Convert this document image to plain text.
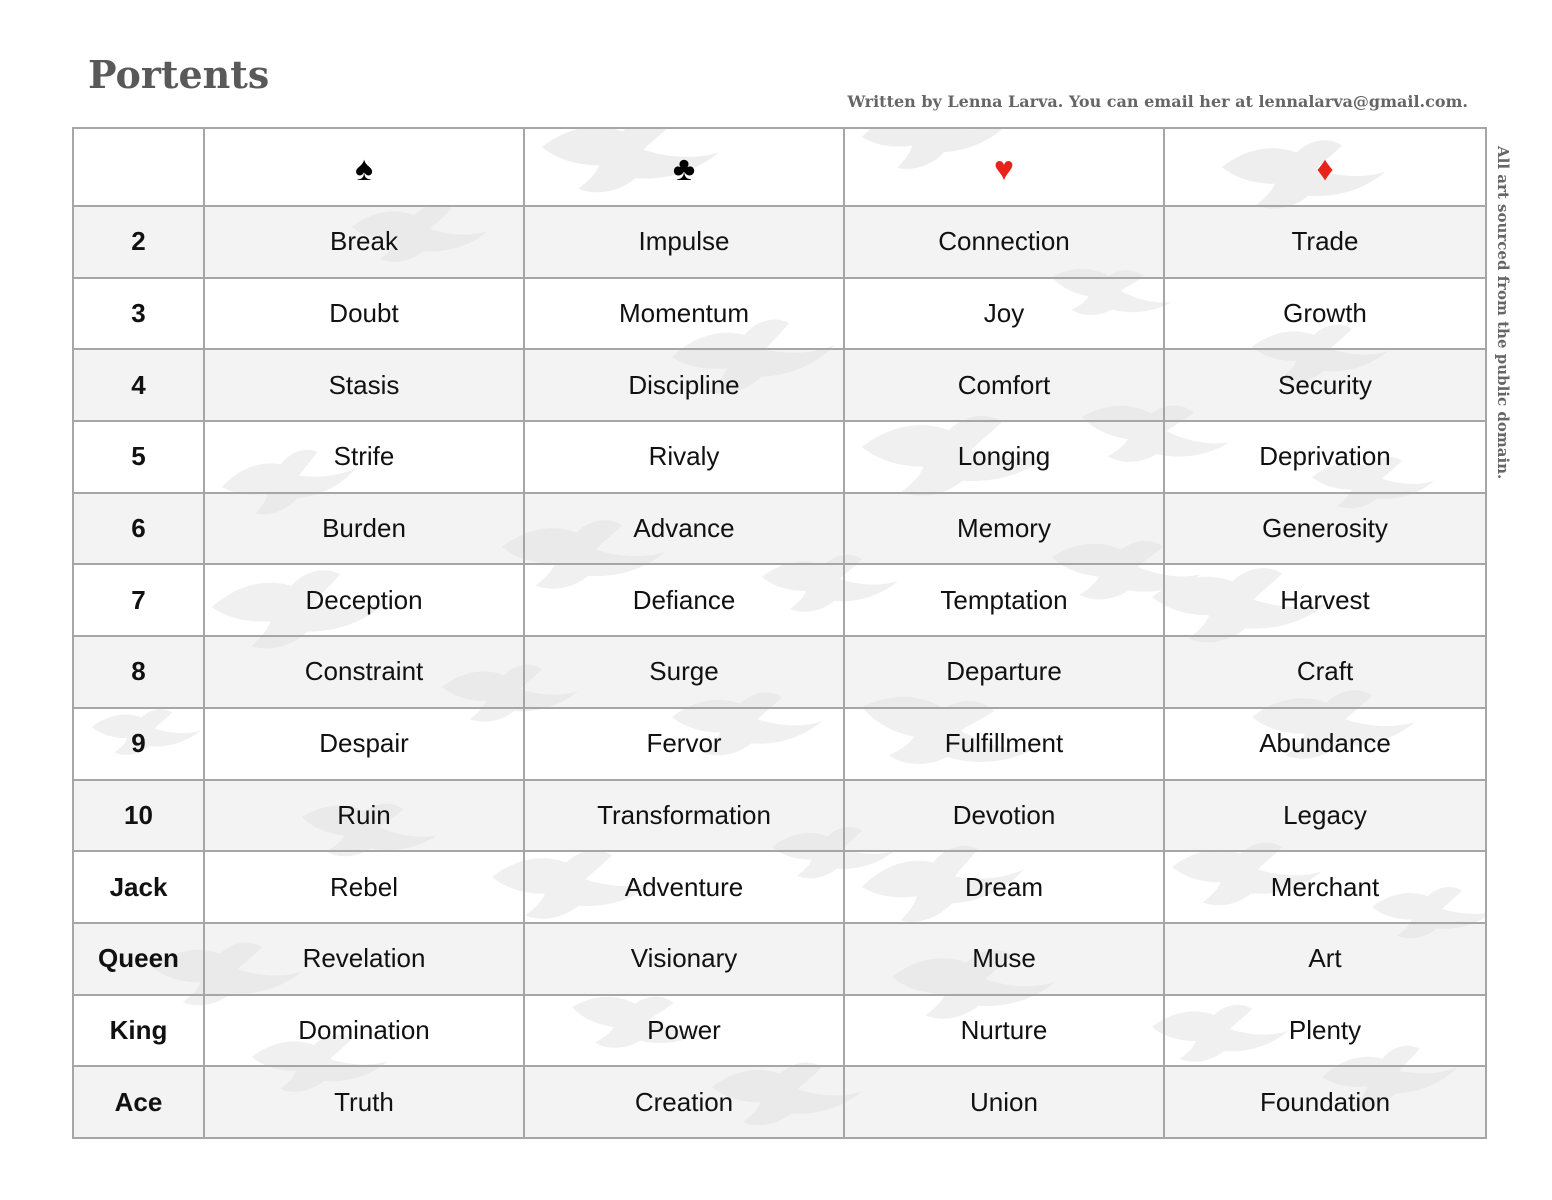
Portents
Written by Lenna Larva. You can email her at lennalarva@gmail.com.
All art sourced from the public domain.
	♠	♣	♥	♦
2	Break	Impulse	Connection	Trade
3	Doubt	Momentum	Joy	Growth
4	Stasis	Discipline	Comfort	Security
5	Strife	Rivaly	Longing	Deprivation
6	Burden	Advance	Memory	Generosity
7	Deception	Defiance	Temptation	Harvest
8	Constraint	Surge	Departure	Craft
9	Despair	Fervor	Fulfillment	Abundance
10	Ruin	Transformation	Devotion	Legacy
Jack	Rebel	Adventure	Dream	Merchant
Queen	Revelation	Visionary	Muse	Art
King	Domination	Power	Nurture	Plenty
Ace	Truth	Creation	Union	Foundation
